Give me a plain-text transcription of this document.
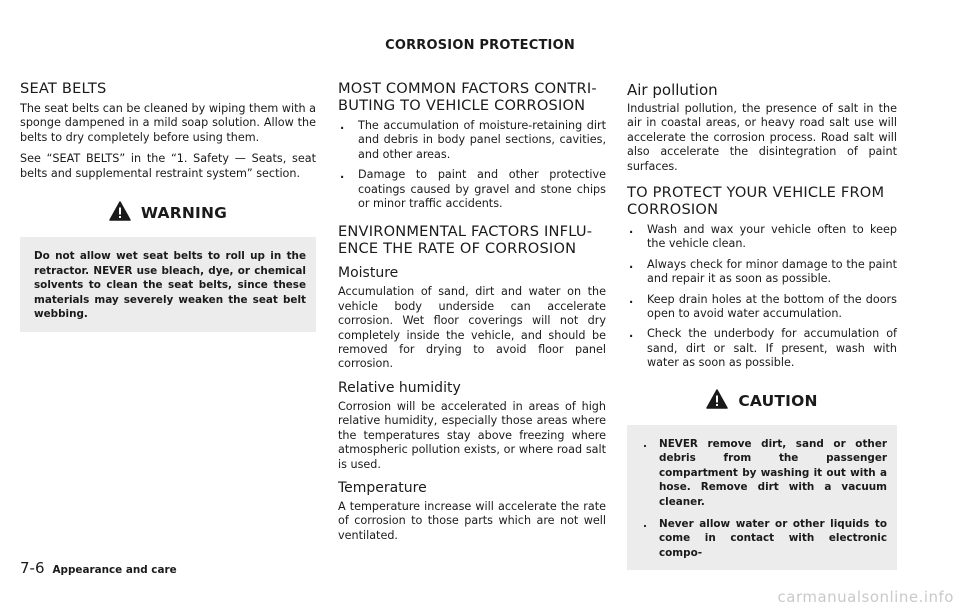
CORROSION PROTECTION
SEAT BELTS

The seat belts can be cleaned by wiping them with a sponge dampened in a mild soap solution. Allow the belts to dry completely before using them.

See “SEAT BELTS” in the “1. Safety — Seats, seat belts and supplemental restraint system” section.

WARNING

Do not allow wet seat belts to roll up in the retractor. NEVER use bleach, dye, or chemical solvents to clean the seat belts, since these materials may severely weaken the seat belt webbing.

MOST COMMON FACTORS CONTRIBUTING TO VEHICLE CORROSION
. The accumulation of moisture-retaining dirt and debris in body panel sections, cavities, and other areas.
. Damage to paint and other protective coatings caused by gravel and stone chips or minor traffic accidents.
ENVIRONMENTAL FACTORS INFLUENCE THE RATE OF CORROSION
Moisture

Accumulation of sand, dirt and water on the vehicle body underside can accelerate corrosion. Wet floor coverings will not dry completely inside the vehicle, and should be removed for drying to avoid floor panel corrosion.

Relative humidity

Corrosion will be accelerated in areas of high relative humidity, especially those areas where the temperatures stay above freezing where atmospheric pollution exists, or where road salt is used.

Temperature

A temperature increase will accelerate the rate of corrosion to those parts which are not well ventilated.

Air pollution

Industrial pollution, the presence of salt in the air in coastal areas, or heavy road salt use will accelerate the corrosion process. Road salt will also accelerate the disintegration of paint surfaces.

TO PROTECT YOUR VEHICLE FROM CORROSION
. Wash and wax your vehicle often to keep the vehicle clean.
. Always check for minor damage to the paint and repair it as soon as possible.
. Keep drain holes at the bottom of the doors open to avoid water accumulation.
. Check the underbody for accumulation of sand, dirt or salt. If present, wash with water as soon as possible.
CAUTION
. NEVER remove dirt, sand or other debris from the passenger compartment by washing it out with a hose. Remove dirt with a vacuum cleaner.
. Never allow water or other liquids to come in contact with electronic compo-
7-6 Appearance and care
carmanualsonline.info
